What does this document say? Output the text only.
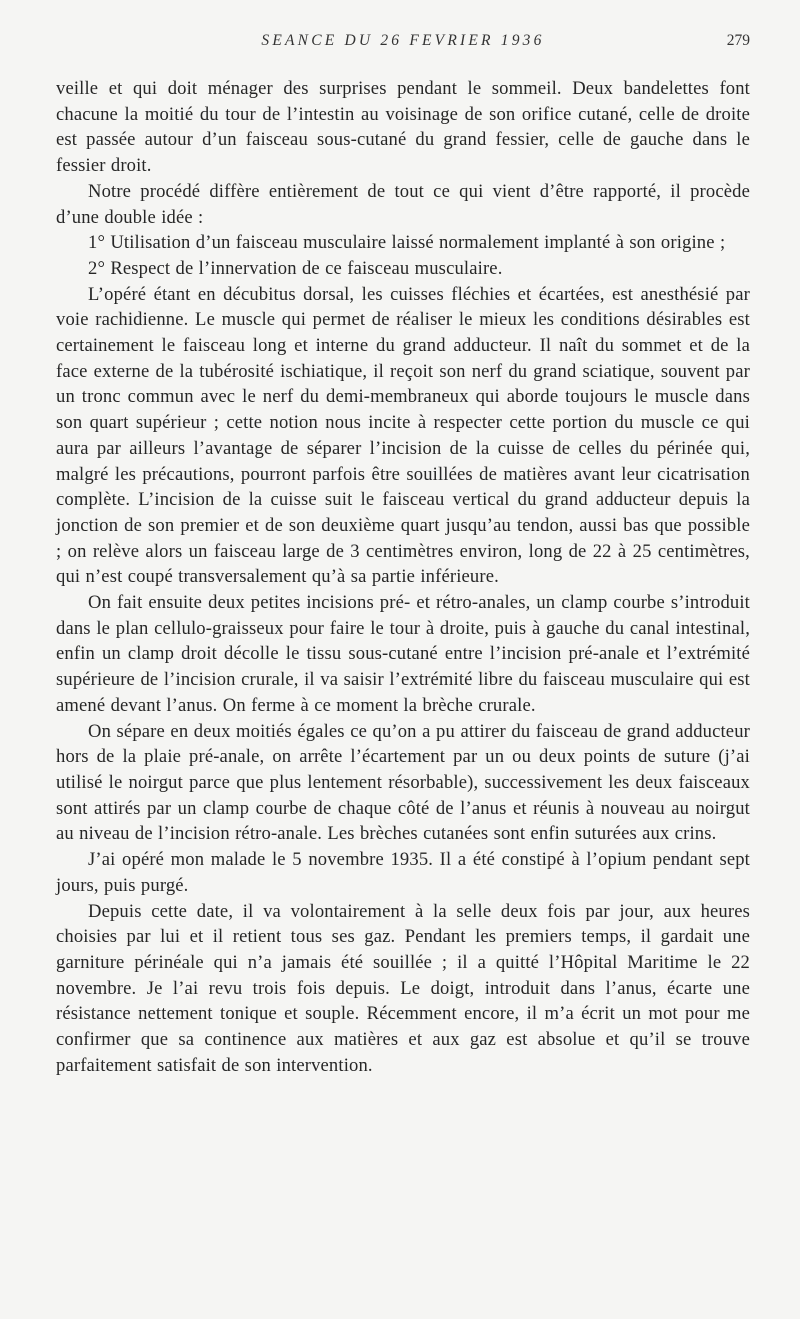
SEANCE DU 26 FEVRIER 1936	279

veille et qui doit ménager des surprises pendant le sommeil. Deux bandelettes font chacune la moitié du tour de l’intestin au voisinage de son orifice cutané, celle de droite est passée autour d’un faisceau sous-cutané du grand fessier, celle de gauche dans le fessier droit.

Notre procédé diffère entièrement de tout ce qui vient d’être rapporté, il procède d’une double idée :

1° Utilisation d’un faisceau musculaire laissé normalement implanté à son origine ;

2° Respect de l’innervation de ce faisceau musculaire.

L’opéré étant en décubitus dorsal, les cuisses fléchies et écartées, est anesthésié par voie rachidienne. Le muscle qui permet de réaliser le mieux les conditions désirables est certainement le faisceau long et interne du grand adducteur. Il naît du sommet et de la face externe de la tubérosité ischiatique, il reçoit son nerf du grand sciatique, souvent par un tronc commun avec le nerf du demi-membraneux qui aborde toujours le muscle dans son quart supérieur ; cette notion nous incite à respecter cette portion du muscle ce qui aura par ailleurs l’avantage de séparer l’incision de la cuisse de celles du périnée qui, malgré les précautions, pourront parfois être souillées de matières avant leur cicatrisation complète. L’incision de la cuisse suit le faisceau vertical du grand adducteur depuis la jonction de son premier et de son deuxième quart jusqu’au tendon, aussi bas que possible ; on relève alors un faisceau large de 3 centimètres environ, long de 22 à 25 centimètres, qui n’est coupé transversalement qu’à sa partie inférieure.

On fait ensuite deux petites incisions pré- et rétro-anales, un clamp courbe s’introduit dans le plan cellulo-graisseux pour faire le tour à droite, puis à gauche du canal intestinal, enfin un clamp droit décolle le tissu sous-cutané entre l’incision pré-anale et l’extrémité supérieure de l’incision crurale, il va saisir l’extrémité libre du faisceau musculaire qui est amené devant l’anus. On ferme à ce moment la brèche crurale.

On sépare en deux moitiés égales ce qu’on a pu attirer du faisceau de grand adducteur hors de la plaie pré-anale, on arrête l’écartement par un ou deux points de suture (j’ai utilisé le noirgut parce que plus lentement résorbable), successivement les deux faisceaux sont attirés par un clamp courbe de chaque côté de l’anus et réunis à nouveau au noirgut au niveau de l’incision rétro-anale. Les brèches cutanées sont enfin suturées aux crins.

J’ai opéré mon malade le 5 novembre 1935. Il a été constipé à l’opium pendant sept jours, puis purgé.

Depuis cette date, il va volontairement à la selle deux fois par jour, aux heures choisies par lui et il retient tous ses gaz. Pendant les premiers temps, il gardait une garniture périnéale qui n’a jamais été souillée ; il a quitté l’Hôpital Maritime le 22 novembre. Je l’ai revu trois fois depuis. Le doigt, introduit dans l’anus, écarte une résistance nettement tonique et souple. Récemment encore, il m’a écrit un mot pour me confirmer que sa continence aux matières et aux gaz est absolue et qu’il se trouve parfaitement satisfait de son intervention.
